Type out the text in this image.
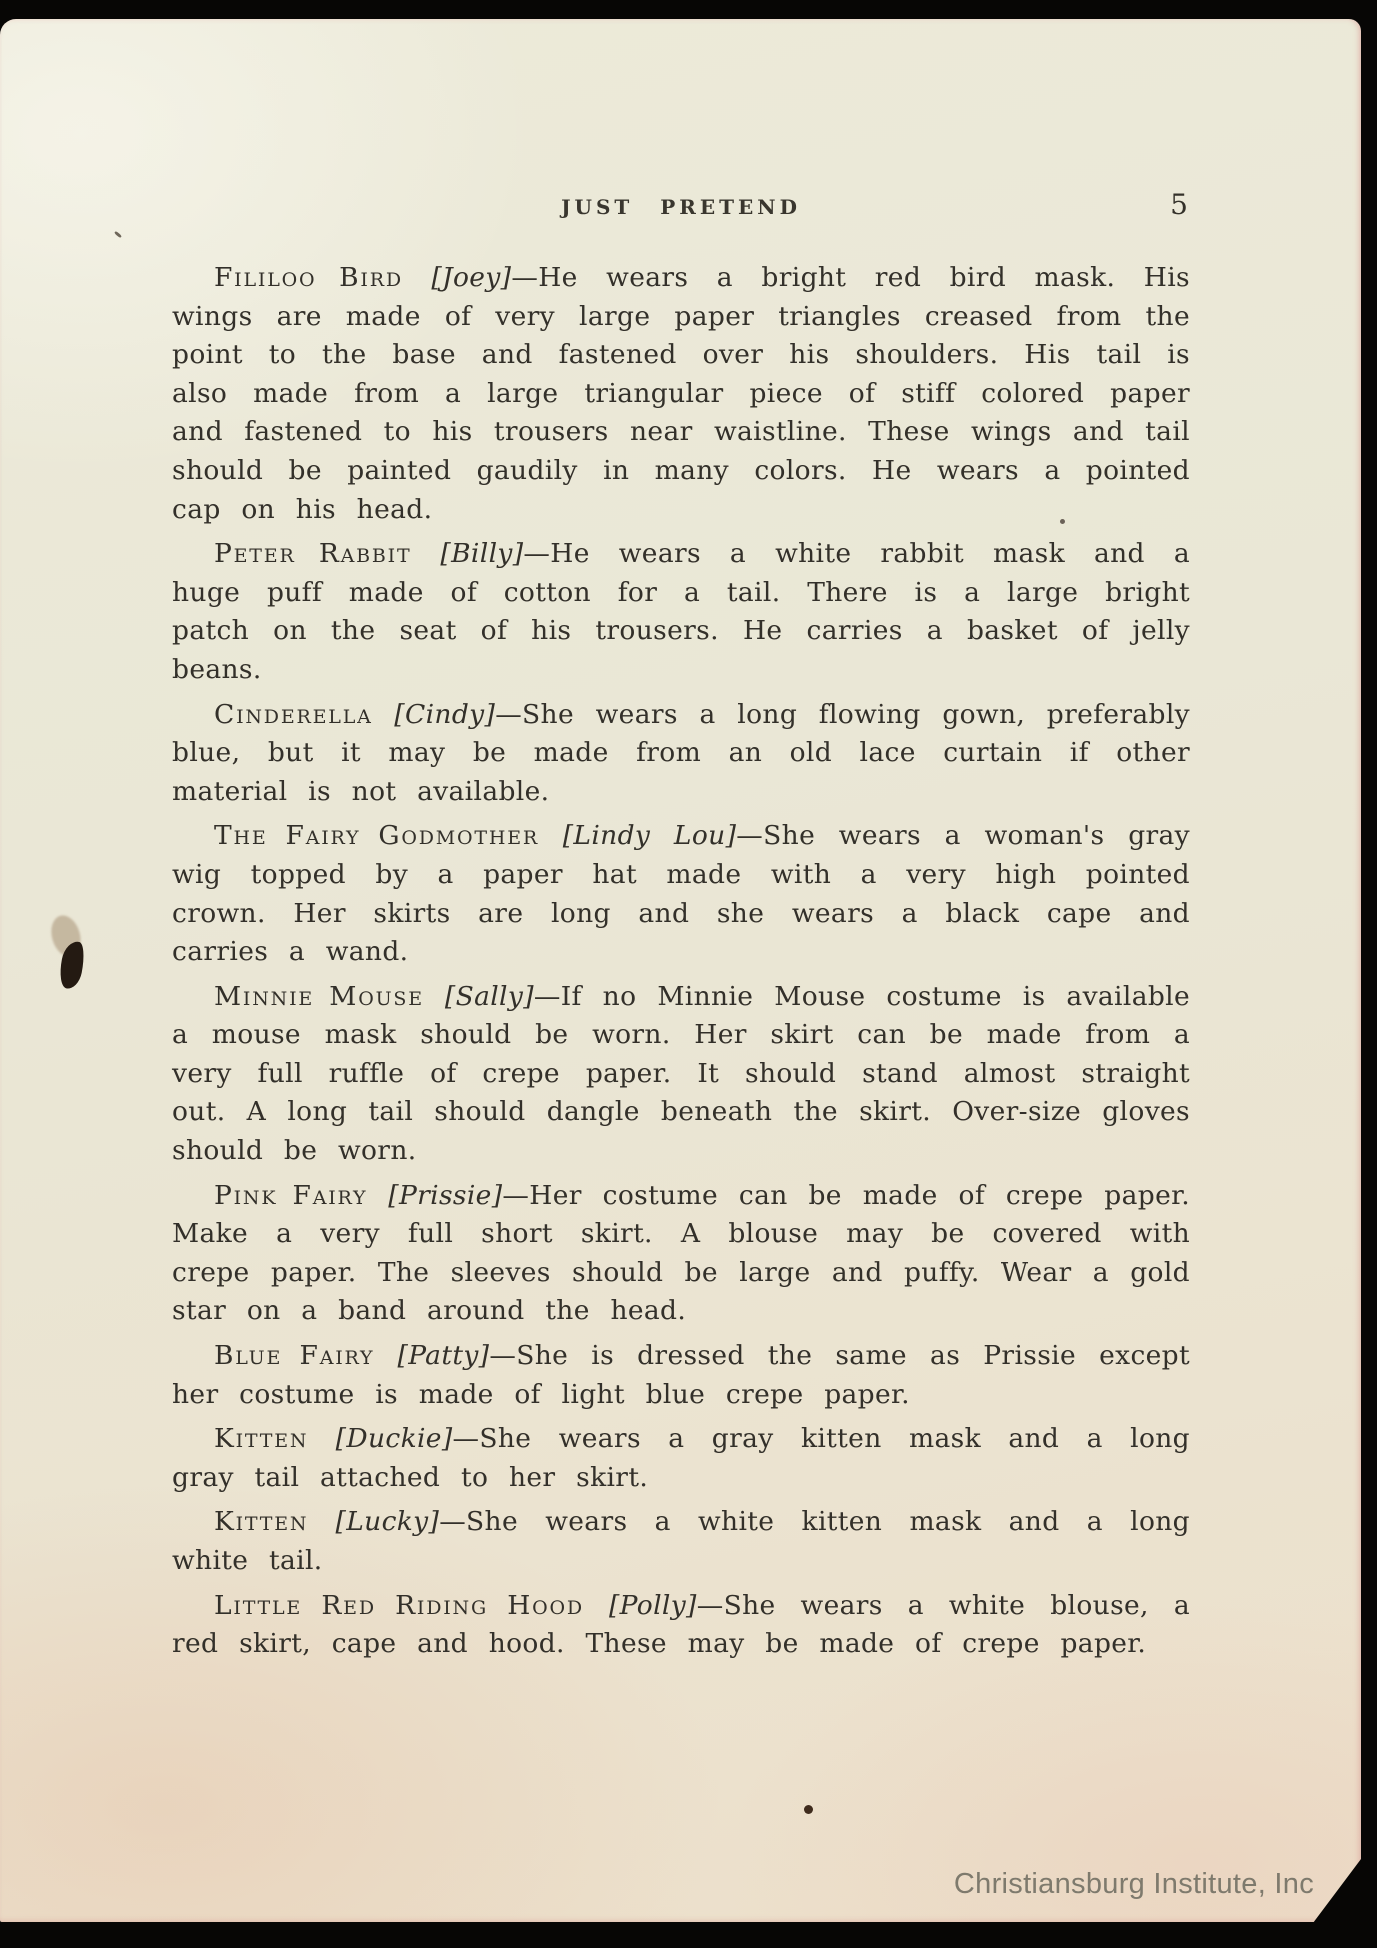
JUST PRETEND	5

Fililoo Bird [Joey]—He wears a bright red bird mask. His wings are made of very large paper triangles creased from the point to the base and fastened over his shoulders. His tail is also made from a large triangular piece of stiff colored paper and fastened to his trousers near waistline. These wings and tail should be painted gaudily in many colors. He wears a pointed cap on his head.

Peter Rabbit [Billy]—He wears a white rabbit mask and a huge puff made of cotton for a tail. There is a large bright patch on the seat of his trousers. He carries a basket of jelly beans.

Cinderella [Cindy]—She wears a long flowing gown, preferably blue, but it may be made from an old lace curtain if other material is not available.

The Fairy Godmother [Lindy Lou]—She wears a woman's gray wig topped by a paper hat made with a very high pointed crown. Her skirts are long and she wears a black cape and carries a wand.

Minnie Mouse [Sally]—If no Minnie Mouse costume is available a mouse mask should be worn. Her skirt can be made from a very full ruffle of crepe paper. It should stand almost straight out. A long tail should dangle beneath the skirt. Over-size gloves should be worn.

Pink Fairy [Prissie]—Her costume can be made of crepe paper. Make a very full short skirt. A blouse may be covered with crepe paper. The sleeves should be large and puffy. Wear a gold star on a band around the head.

Blue Fairy [Patty]—She is dressed the same as Prissie except her costume is made of light blue crepe paper.

Kitten [Duckie]—She wears a gray kitten mask and a long gray tail attached to her skirt.

Kitten [Lucky]—She wears a white kitten mask and a long white tail.

Little Red Riding Hood [Polly]—She wears a white blouse, a red skirt, cape and hood. These may be made of crepe paper.

Christiansburg Institute, Inc
